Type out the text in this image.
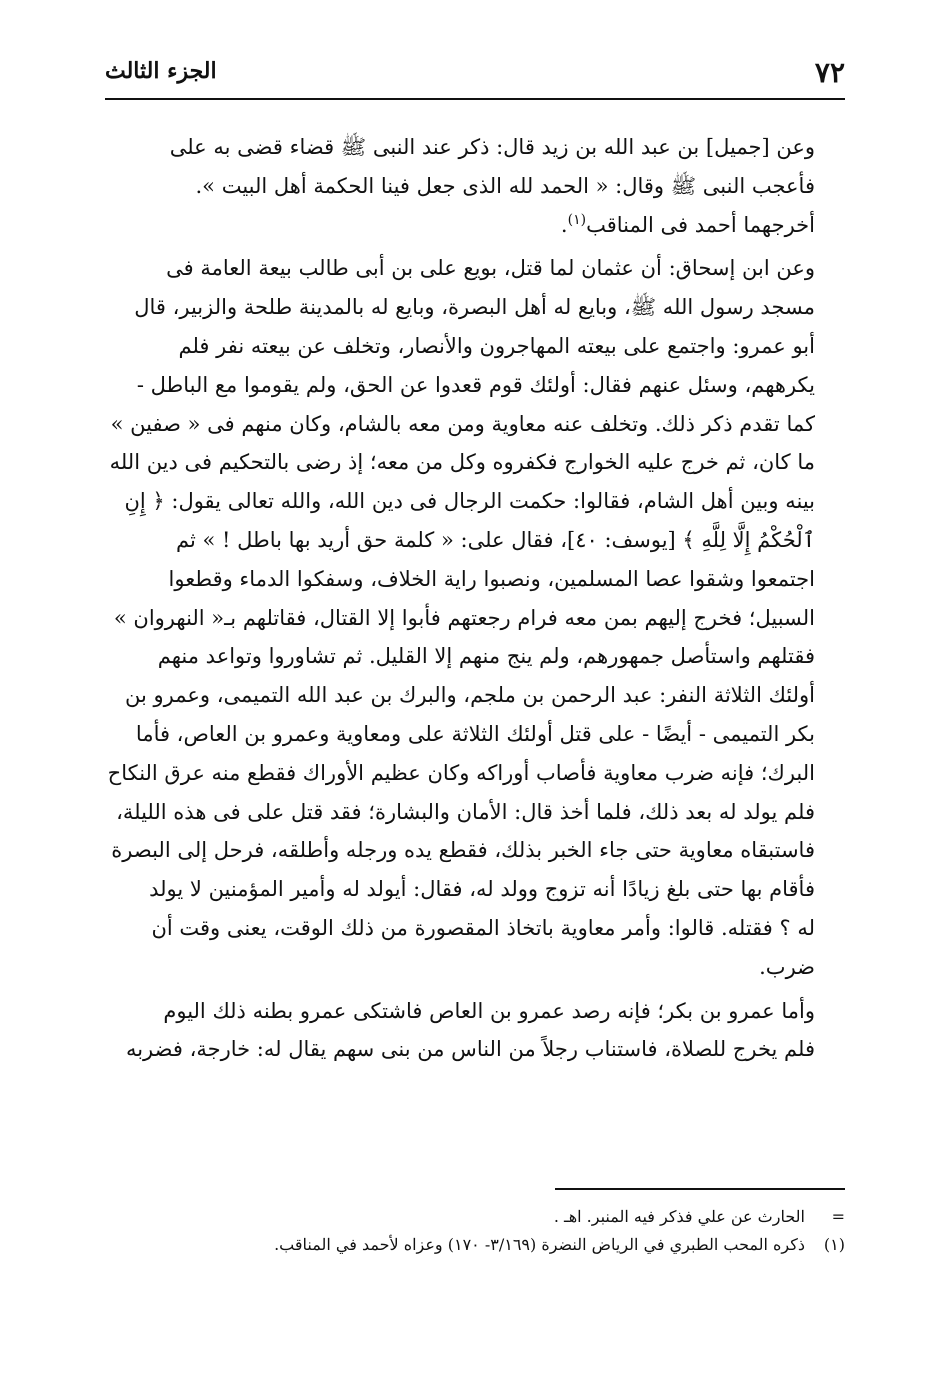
٧٢
الجزء الثالث

وعن [جميل] بن عبد الله بن زيد قال: ذكر عند النبى ﷺ قضاء قضى به على
فأعجب النبى ﷺ وقال: « الحمد لله الذى جعل فينا الحكمة أهل البيت ».
أخرجهما أحمد فى المناقب$^{(١)}$.

وعن ابن إسحاق: أن عثمان لما قتل، بويع على بن أبى طالب بيعة العامة فى
مسجد رسول الله ﷺ، وبايع له أهل البصرة، وبايع له بالمدينة طلحة والزبير، قال
أبو عمرو: واجتمع على بيعته المهاجرون والأنصار، وتخلف عن بيعته نفر فلم
يكرههم، وسئل عنهم فقال: أولئك قوم قعدوا عن الحق، ولم يقوموا مع الباطل -
كما تقدم ذكر ذلك. وتخلف عنه معاوية ومن معه بالشام، وكان منهم فى « صفين »
ما كان، ثم خرج عليه الخوارج فكفروه وكل من معه؛ إذ رضى بالتحكيم فى دين الله
بينه وبين أهل الشام، فقالوا: حكمت الرجال فى دين الله، والله تعالى يقول: ﴿ إِنِ
ٱلْحُكْمُ إِلَّا لِلَّهِ ﴾ [يوسف: ٤٠]، فقال على: « كلمة حق أريد بها باطل ! » ثم
اجتمعوا وشقوا عصا المسلمين، ونصبوا راية الخلاف، وسفكوا الدماء وقطعوا
السبيل؛ فخرج إليهم بمن معه فرام رجعتهم فأبوا إلا القتال، فقاتلهم بـ« النهروان »
فقتلهم واستأصل جمهورهم، ولم ينج منهم إلا القليل. ثم تشاوروا وتواعد منهم
أولئك الثلاثة النفر: عبد الرحمن بن ملجم، والبرك بن عبد الله التميمى، وعمرو بن
بكر التميمى - أيضًا - على قتل أولئك الثلاثة على ومعاوية وعمرو بن العاص، فأما
البرك؛ فإنه ضرب معاوية فأصاب أوراكه وكان عظيم الأوراك فقطع منه عرق النكاح
فلم يولد له بعد ذلك، فلما أخذ قال: الأمان والبشارة؛ فقد قتل على فى هذه الليلة،
فاستبقاه معاوية حتى جاء الخبر بذلك، فقطع يده ورجله وأطلقه، فرحل إلى البصرة
فأقام بها حتى بلغ زيادًا أنه تزوج وولد له، فقال: أيولد له وأمير المؤمنين لا يولد
له ؟ فقتله. قالوا: وأمر معاوية باتخاذ المقصورة من ذلك الوقت، يعنى وقت أن
ضرب.

وأما عمرو بن بكر؛ فإنه رصد عمرو بن العاص فاشتكى عمرو بطنه ذلك اليوم
فلم يخرج للصلاة، فاستناب رجلاً من الناس من بنى سهم يقال له: خارجة، فضربه

=
الحارث عن علي فذكر فيه المنبر. اهـ .
(١)
ذكره المحب الطبري في الرياض النضرة (٣/١٦٩- ١٧٠) وعزاه لأحمد في المناقب.
